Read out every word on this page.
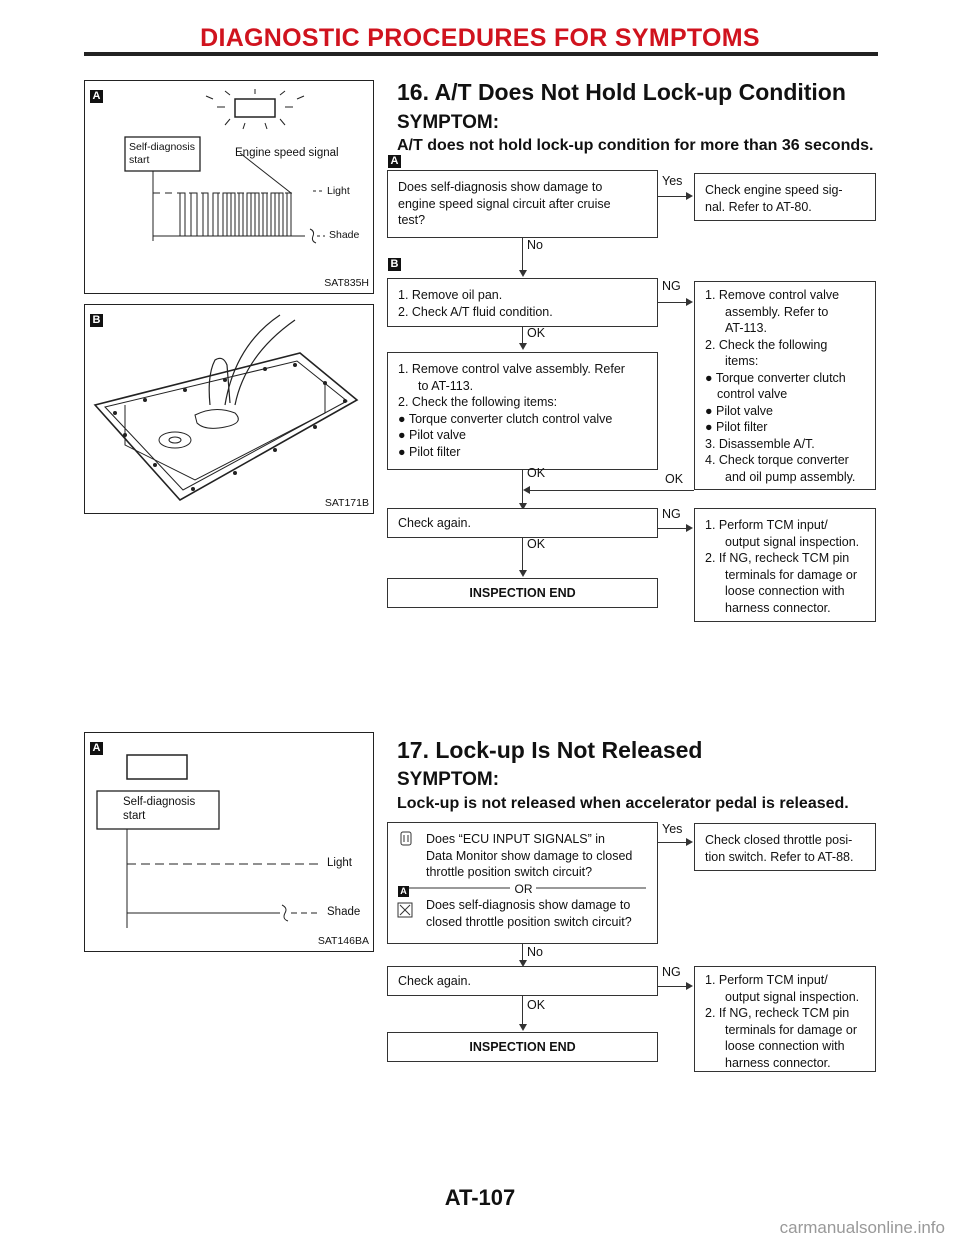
DIAGNOSTIC PROCEDURES FOR SYMPTOMS
A
Self-diagnosis start
Engine speed signal
Light
Shade
SAT835H
B
SAT171B
A
Self-diagnosis start
Light
Shade
SAT146BA
16. A/T Does Not Hold Lock-up Condition
SYMPTOM:
A/T does not hold lock-up condition for more than 36 seconds.
A
Does self-diagnosis show damage to
engine speed signal circuit after cruise
test?
Yes
Check engine speed sig-
nal. Refer to AT-80.
No
B
1. Remove oil pan.
2. Check A/T fluid condition.
NG
1. Remove control valve
assembly. Refer to
AT-113.
2. Check the following
items:
● Torque converter clutch
control valve
● Pilot valve
● Pilot filter
3. Disassemble A/T.
4. Check torque converter
and oil pump assembly.
OK
1. Remove control valve assembly. Refer
to AT-113.
2. Check the following items:
● Torque converter clutch control valve
● Pilot valve
● Pilot filter
OK	OK
Check again.
NG
1. Perform TCM input/
output signal inspection.
2. If NG, recheck TCM pin
terminals for damage or
loose connection with
harness connector.
OK
INSPECTION END
17. Lock-up Is Not Released
SYMPTOM:
Lock-up is not released when accelerator pedal is released.
Does “ECU INPUT SIGNALS” in
Data Monitor show damage to closed
throttle position switch circuit?
OR
Does self-diagnosis show damage to
closed throttle position switch circuit?
A
Yes
Check closed throttle posi-
tion switch. Refer to AT-88.
No
Check again.
NG
1. Perform TCM input/
output signal inspection.
2. If NG, recheck TCM pin
terminals for damage or
loose connection with
harness connector.
OK
INSPECTION END
AT-107
carmanualsonline.info
